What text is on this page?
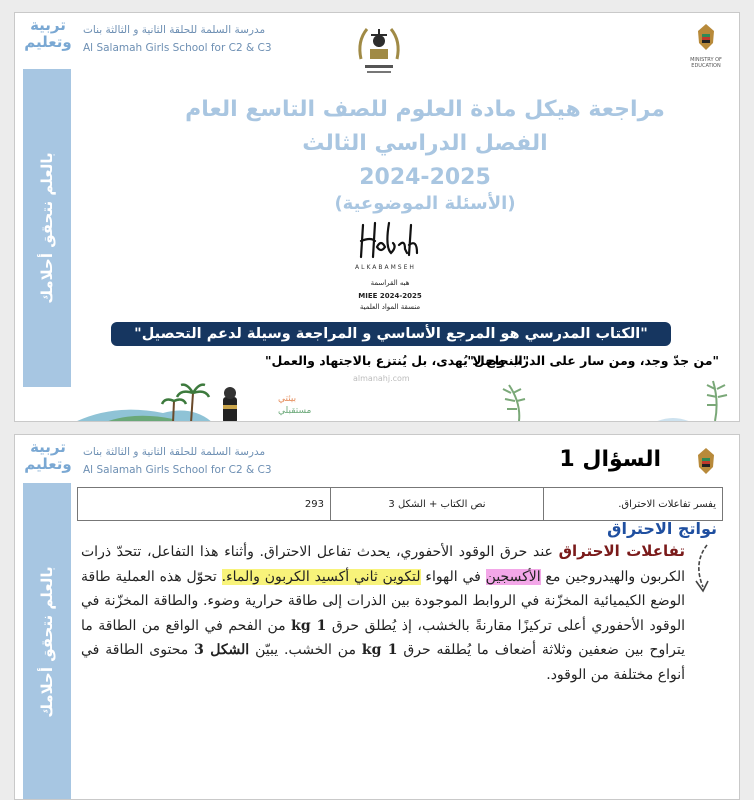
تربية
وتعليم
مدرسة السلمة للحلقة الثانية و الثالثة بنات
Al Salamah Girls School for C2 & C3
MINISTRY OF EDUCATION
مراجعة هيكل مادة العلوم للصف التاسع العام
الفصل الدراسي الثالث
2024-2025
(الأسئلة الموضوعية)
ALKABAMSEH
هبه القراسمة
MIEE 2024-2025
منسقة المواد العلمية
"الكتاب المدرسي هو المرجع الأساسي و المراجعة وسيلة لدعم التحصيل"
"من جدّ وجد، ومن سار على الدرب وصل"
"النجاح لا يُهدى، بل يُنتزع بالاجتهاد والعمل"
بالعلم نتحقق أحلامك
بيئتي
مستقبلي
almanahj.com
تربية
وتعليم
مدرسة السلمة للحلقة الثانية و الثالثة بنات
Al Salamah Girls School for C2 & C3	السؤال 1
بالعلم نتحقق أحلامك
293	نص الكتاب + الشكل 3	يفسر تفاعلات الاحتراق.
نواتج الاحتراق
تفاعلات الاحتراق عند حرق الوقود الأحفوري، يحدث تفاعل الاحتراق. وأثناء هذا التفاعل، تتحدّ ذرات الكربون والهيدروجين مع الأكسجين في الهواء لتكوين ثاني أكسيد الكربون والماء. تحوّل هذه العملية طاقة الوضع الكيميائية المخزّنة في الروابط الموجودة بين الذرات إلى طاقة حرارية وضوء. والطاقة المخزّنة في الوقود الأحفوري أعلى تركيزًا مقارنةً بالخشب، إذ يُطلق حرق 1 kg من الفحم في الواقع من الطاقة ما يتراوح بين ضعفين وثلاثة أضعاف ما يُطلقه حرق 1 kg من الخشب. يبيّن الشكل 3 محتوى الطاقة في أنواع مختلفة من الوقود.
